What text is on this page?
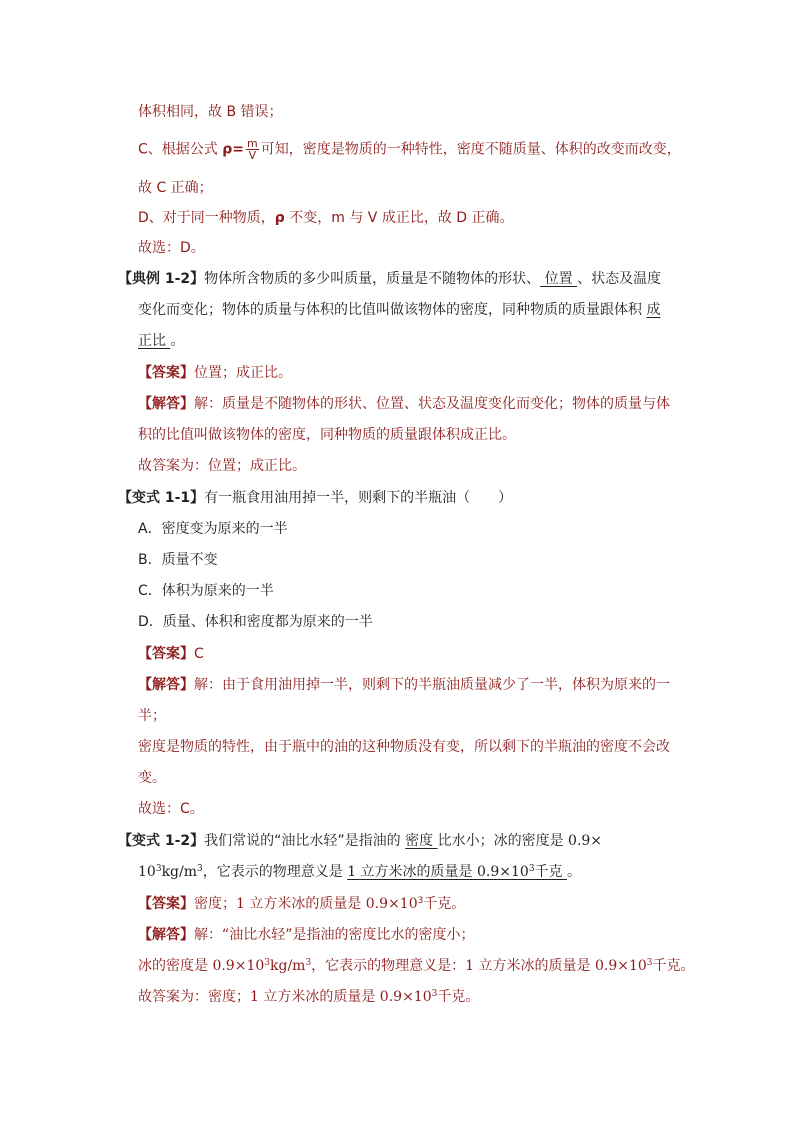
体积相同，故 B 错误；
C、根据公式 $\rho= \frac{m}{V}$ 可知，密度是物质的一种特性，密度不随质量、体积的改变而改变，
故 C 正确；
D、对于同一种物质，ρ 不变，m 与 V 成正比，故 D 正确。
故选：D。
【典例 1-2】物体所含物质的多少叫质量，质量是不随物体的形状、 位置 、状态及温度
变化而变化；物体的质量与体积的比值叫做该物体的密度，同种物质的质量跟体积 成
正比 。
【答案】位置；成正比。
【解答】解：质量是不随物体的形状、位置、状态及温度变化而变化；物体的质量与体
积的比值叫做该物体的密度，同种物质的质量跟体积成正比。
故答案为：位置；成正比。
【变式 1-1】有一瓶食用油用掉一半，则剩下的半瓶油（　　）
A．密度变为原来的一半
B．质量不变
C．体积为原来的一半
D．质量、体积和密度都为原来的一半
【答案】C
【解答】解：由于食用油用掉一半，则剩下的半瓶油质量减少了一半，体积为原来的一
半；
密度是物质的特性，由于瓶中的油的这种物质没有变，所以剩下的半瓶油的密度不会改
变。
故选：C。
【变式 1-2】我们常说的“油比水轻”是指油的 密度 比水小；冰的密度是 0.9×
$10^3kg/m^3$，它表示的物理意义是 1 立方米冰的质量是 $0.9\times 10^3$千克 。
【答案】密度；1 立方米冰的质量是 $0.9\times 10^3$千克。
【解答】解：“油比水轻”是指油的密度比水的密度小；
冰的密度是 $0.9\times 10^3kg/m^3$，它表示的物理意义是：1 立方米冰的质量是 $0.9\times 10^3$千克。
故答案为：密度；1 立方米冰的质量是 $0.9\times 10^3$千克。
